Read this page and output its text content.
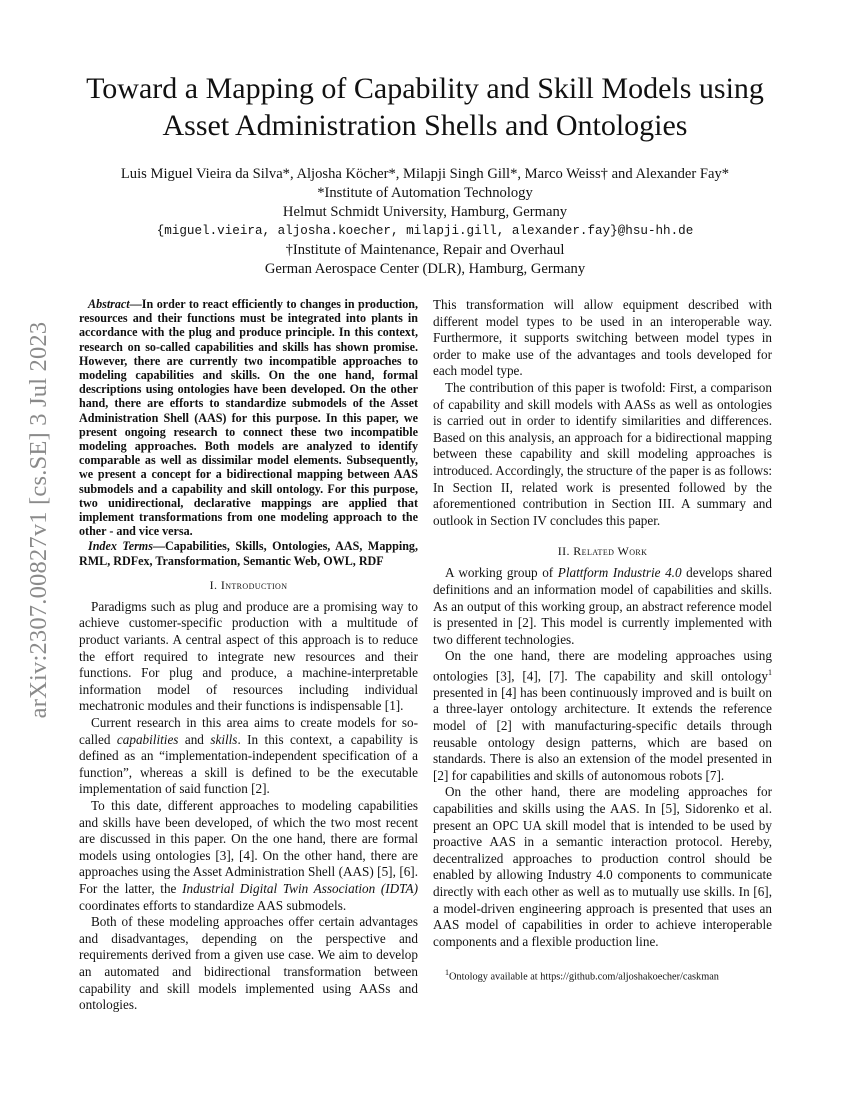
arXiv:2307.00827v1 [cs.SE] 3 Jul 2023
Toward a Mapping of Capability and Skill Models using Asset Administration Shells and Ontologies
Luis Miguel Vieira da Silva*, Aljosha Köcher*, Milapji Singh Gill*, Marco Weiss† and Alexander Fay*
*Institute of Automation Technology
Helmut Schmidt University, Hamburg, Germany
{miguel.vieira, aljosha.koecher, milapji.gill, alexander.fay}@hsu-hh.de
†Institute of Maintenance, Repair and Overhaul
German Aerospace Center (DLR), Hamburg, Germany

Abstract—In order to react efficiently to changes in production, resources and their functions must be integrated into plants in accordance with the plug and produce principle. In this context, research on so-called capabilities and skills has shown promise. However, there are currently two incompatible approaches to modeling capabilities and skills. On the one hand, formal descriptions using ontologies have been developed. On the other hand, there are efforts to standardize submodels of the Asset Administration Shell (AAS) for this purpose. In this paper, we present ongoing research to connect these two incompatible modeling approaches. Both models are analyzed to identify comparable as well as dissimilar model elements. Subsequently, we present a concept for a bidirectional mapping between AAS submodels and a capability and skill ontology. For this purpose, two unidirectional, declarative mappings are applied that implement transformations from one modeling approach to the other - and vice versa.

Index Terms—Capabilities, Skills, Ontologies, AAS, Mapping, RML, RDFex, Transformation, Semantic Web, OWL, RDF

I. Introduction

Paradigms such as plug and produce are a promising way to achieve customer-specific production with a multitude of product variants. A central aspect of this approach is to reduce the effort required to integrate new resources and their functions. For plug and produce, a machine-interpretable information model of resources including individual mechatronic modules and their functions is indispensable [1].

Current research in this area aims to create models for so-called capabilities and skills. In this context, a capability is defined as an “implementation-independent specification of a function”, whereas a skill is defined to be the executable implementation of said function [2].

To this date, different approaches to modeling capabilities and skills have been developed, of which the two most recent are discussed in this paper. On the one hand, there are formal models using ontologies [3], [4]. On the other hand, there are approaches using the Asset Administration Shell (AAS) [5], [6]. For the latter, the Industrial Digital Twin Association (IDTA) coordinates efforts to standardize AAS submodels.

Both of these modeling approaches offer certain advantages and disadvantages, depending on the perspective and requirements derived from a given use case. We aim to develop an automated and bidirectional transformation between capability and skill models implemented using AASs and ontologies.

This transformation will allow equipment described with different model types to be used in an interoperable way. Furthermore, it supports switching between model types in order to make use of the advantages and tools developed for each model type.

The contribution of this paper is twofold: First, a comparison of capability and skill models with AASs as well as ontologies is carried out in order to identify similarities and differences. Based on this analysis, an approach for a bidirectional mapping between these capability and skill modeling approaches is introduced. Accordingly, the structure of the paper is as follows: In Section II, related work is presented followed by the aforementioned contribution in Section III. A summary and outlook in Section IV concludes this paper.

II. Related Work

A working group of Plattform Industrie 4.0 develops shared definitions and an information model of capabilities and skills. As an output of this working group, an abstract reference model is presented in [2]. This model is currently implemented with two different technologies.

On the one hand, there are modeling approaches using ontologies [3], [4], [7]. The capability and skill ontology$^1$ presented in [4] has been continuously improved and is built on a three-layer ontology architecture. It extends the reference model of [2] with manufacturing-specific details through reusable ontology design patterns, which are based on standards. There is also an extension of the model presented in [2] for capabilities and skills of autonomous robots [7].

On the other hand, there are modeling approaches for capabilities and skills using the AAS. In [5], Sidorenko et al. present an OPC UA skill model that is intended to be used by proactive AAS in a semantic interaction protocol. Hereby, decentralized approaches to production control should be enabled by allowing Industry 4.0 components to communicate directly with each other as well as to mutually use skills. In [6], a model-driven engineering approach is presented that uses an AAS model of capabilities in order to achieve interoperable components and a flexible production line.

$^1$Ontology available at https://github.com/aljoshakoecher/caskman
